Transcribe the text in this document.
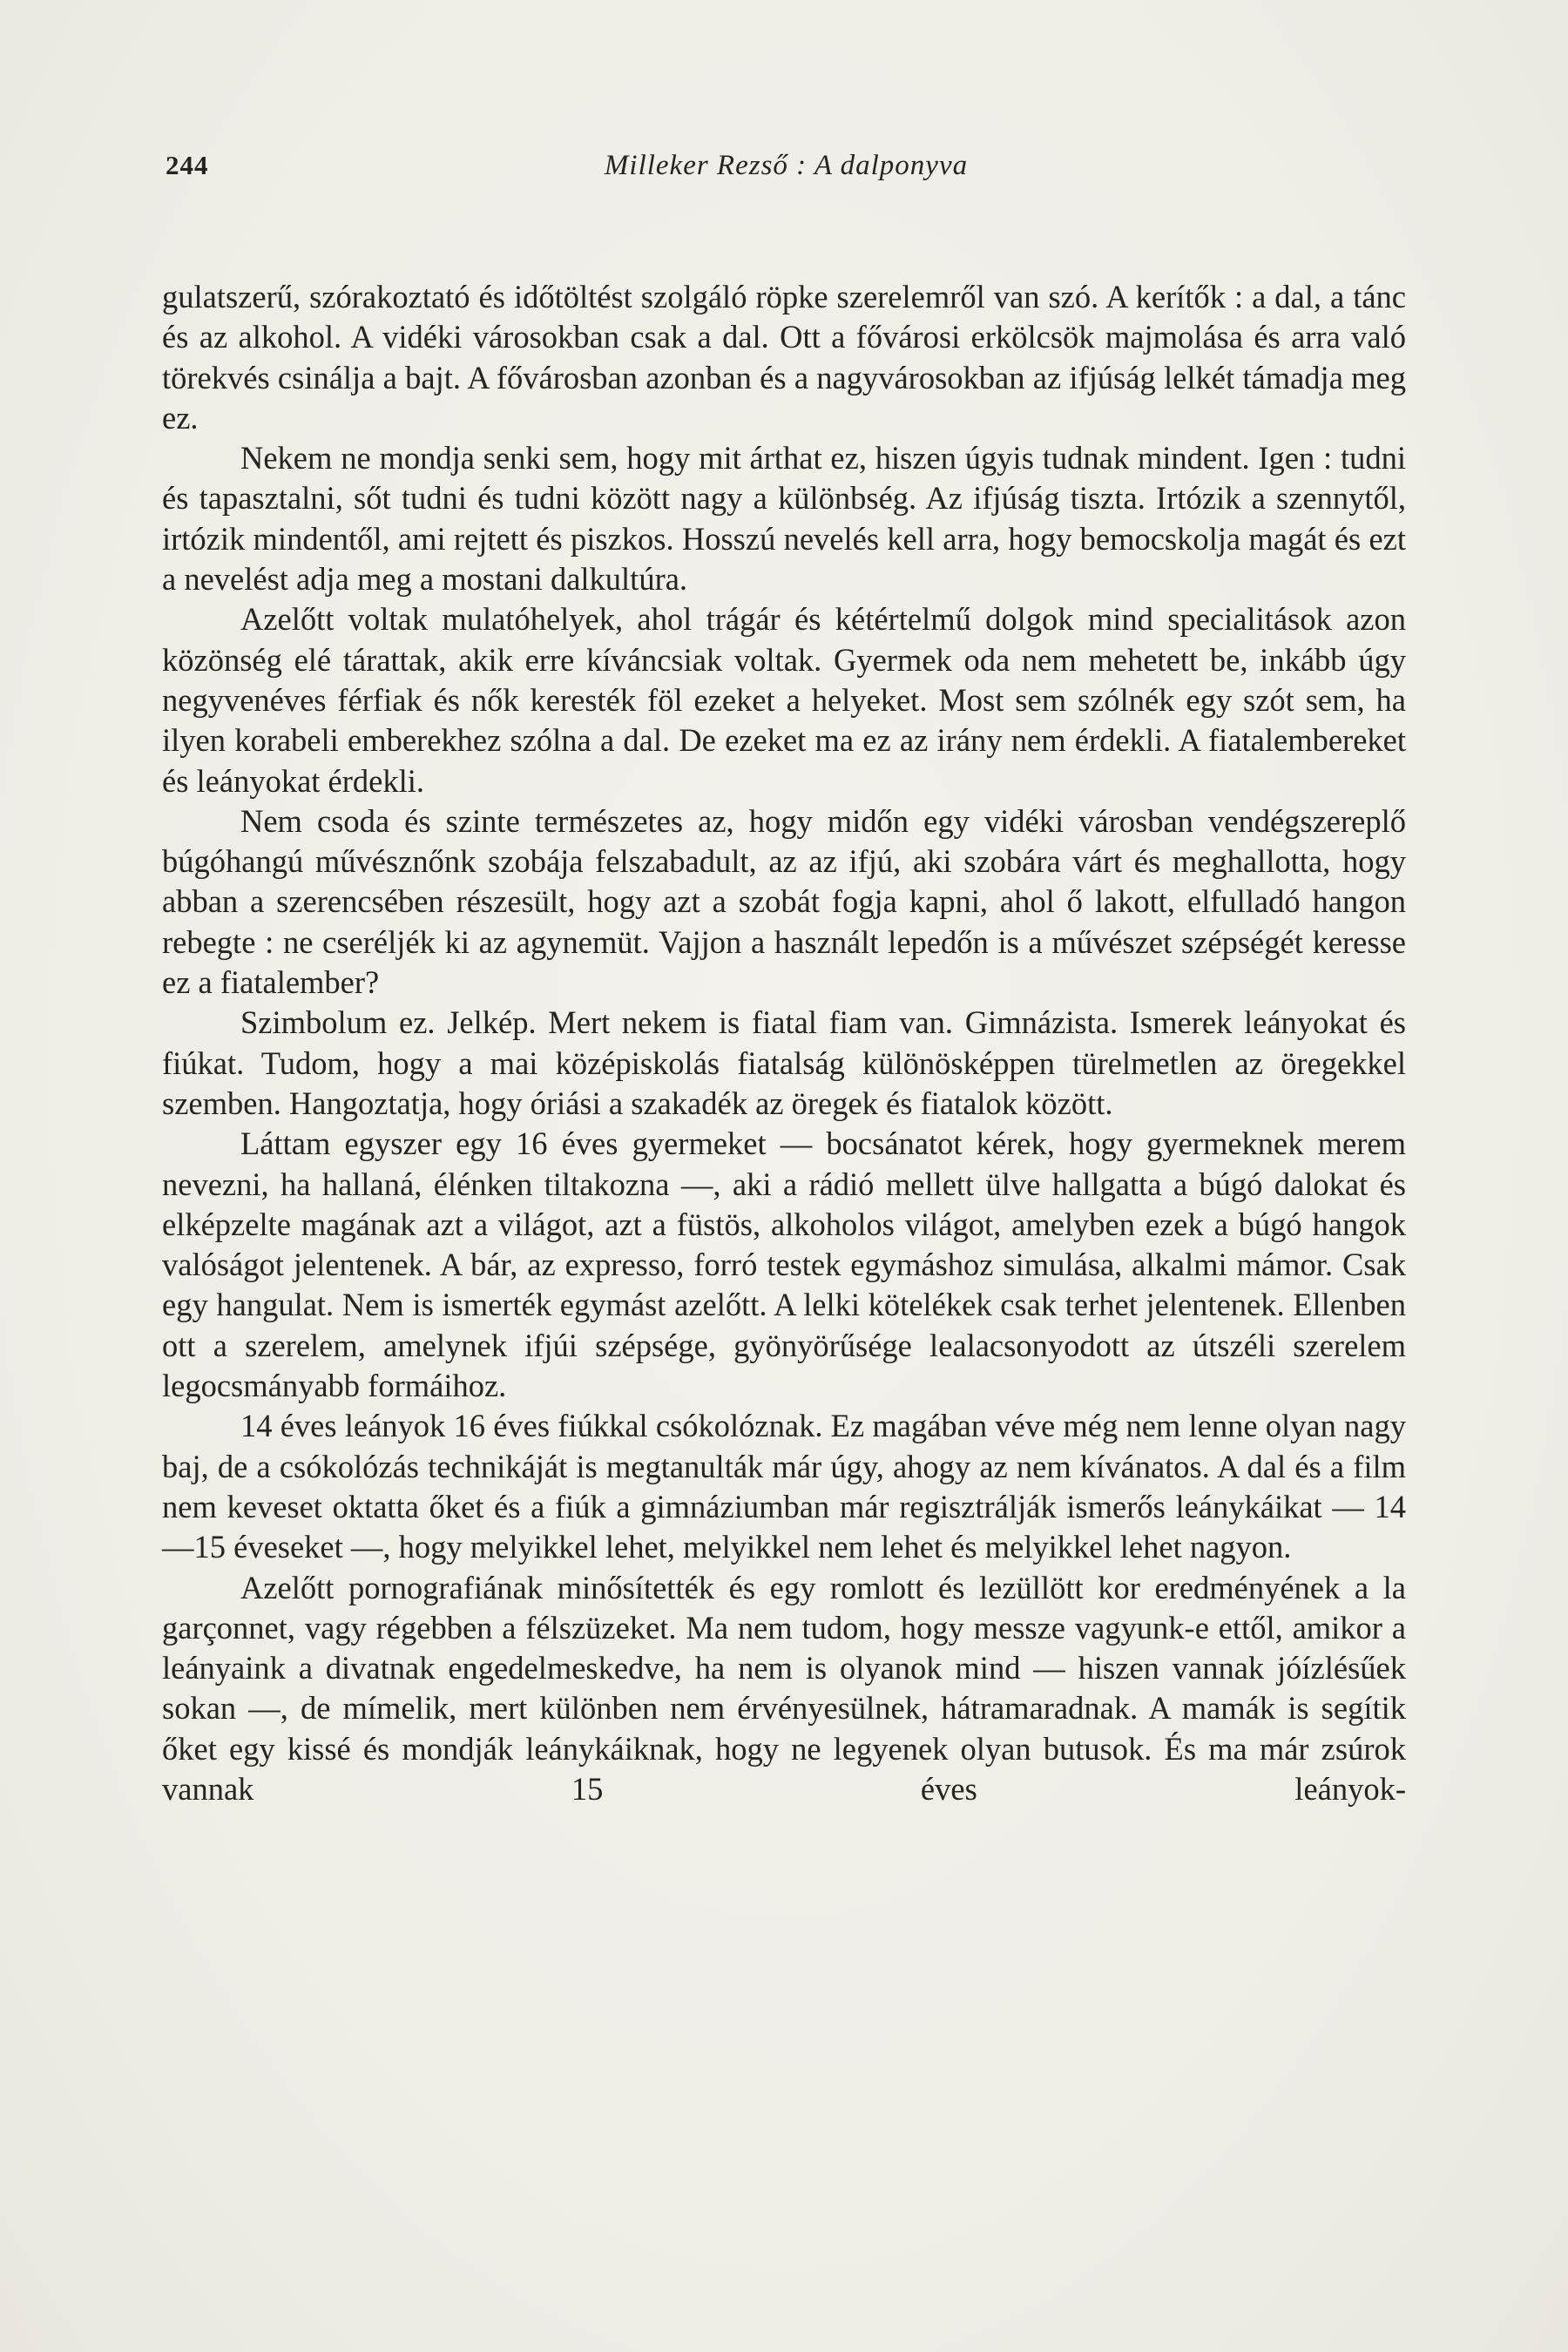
244	Milleker Rezső : A dalponyva

gulatszerű, szórakoztató és időtöltést szolgáló röpke szerelemről van szó. A kerítők : a dal, a tánc és az alkohol. A vidéki városokban csak a dal. Ott a fővárosi erkölcsök majmolása és arra való törekvés csinálja a bajt. A fővárosban azonban és a nagyvárosokban az ifjúság lelkét támadja meg ez.

Nekem ne mondja senki sem, hogy mit árthat ez, hiszen úgyis tudnak mindent. Igen : tudni és tapasztalni, sőt tudni és tudni között nagy a különbség. Az ifjúság tiszta. Irtózik a szennytől, irtózik mindentől, ami rejtett és piszkos. Hosszú nevelés kell arra, hogy bemocskolja magát és ezt a nevelést adja meg a mostani dalkultúra.

Azelőtt voltak mulatóhelyek, ahol trágár és kétértelmű dolgok mind specialitások azon közönség elé tárattak, akik erre kíváncsiak voltak. Gyermek oda nem mehetett be, inkább úgy negyvenéves férfiak és nők keresték föl ezeket a helyeket. Most sem szólnék egy szót sem, ha ilyen korabeli emberekhez szólna a dal. De ezeket ma ez az irány nem érdekli. A fiatalembereket és leányokat érdekli.

Nem csoda és szinte természetes az, hogy midőn egy vidéki városban vendégszereplő búgóhangú művésznőnk szobája felszabadult, az az ifjú, aki szobára várt és meghallotta, hogy abban a szerencsében részesült, hogy azt a szobát fogja kapni, ahol ő lakott, elfulladó hangon rebegte : ne cseréljék ki az agynemüt. Vajjon a használt lepedőn is a művészet szépségét keresse ez a fiatalember?

Szimbolum ez. Jelkép. Mert nekem is fiatal fiam van. Gimnázista. Ismerek leányokat és fiúkat. Tudom, hogy a mai középiskolás fiatalság különösképpen türelmetlen az öregekkel szemben. Hangoztatja, hogy óriási a szakadék az öregek és fiatalok között.

Láttam egyszer egy 16 éves gyermeket — bocsánatot kérek, hogy gyermeknek merem nevezni, ha hallaná, élénken tiltakozna —, aki a rádió mellett ülve hallgatta a búgó dalokat és elképzelte magának azt a világot, azt a füstös, alkoholos világot, amelyben ezek a búgó hangok valóságot jelentenek. A bár, az expresso, forró testek egymáshoz simulása, alkalmi mámor. Csak egy hangulat. Nem is ismerték egymást azelőtt. A lelki kötelékek csak terhet jelentenek. Ellenben ott a szerelem, amelynek ifjúi szépsége, gyönyörűsége lealacsonyodott az útszéli szerelem legocsmányabb formáihoz.

14 éves leányok 16 éves fiúkkal csókolóznak. Ez magában véve még nem lenne olyan nagy baj, de a csókolózás technikáját is megtanulták már úgy, ahogy az nem kívánatos. A dal és a film nem keveset oktatta őket és a fiúk a gimnáziumban már regisztrálják ismerős leánykáikat — 14—15 éveseket —, hogy melyikkel lehet, melyikkel nem lehet és melyikkel lehet nagyon.

Azelőtt pornografiának minősítették és egy romlott és lezüllött kor eredményének a la garçonnet, vagy régebben a félszüzeket. Ma nem tudom, hogy messze vagyunk-e ettől, amikor a leányaink a divatnak engedelmeskedve, ha nem is olyanok mind — hiszen vannak jóízlésűek sokan —, de mímelik, mert különben nem érvényesülnek, hátramaradnak. A mamák is segítik őket egy kissé és mondják leánykáiknak, hogy ne legyenek olyan butusok. És ma már zsúrok vannak 15 éves leányok-
